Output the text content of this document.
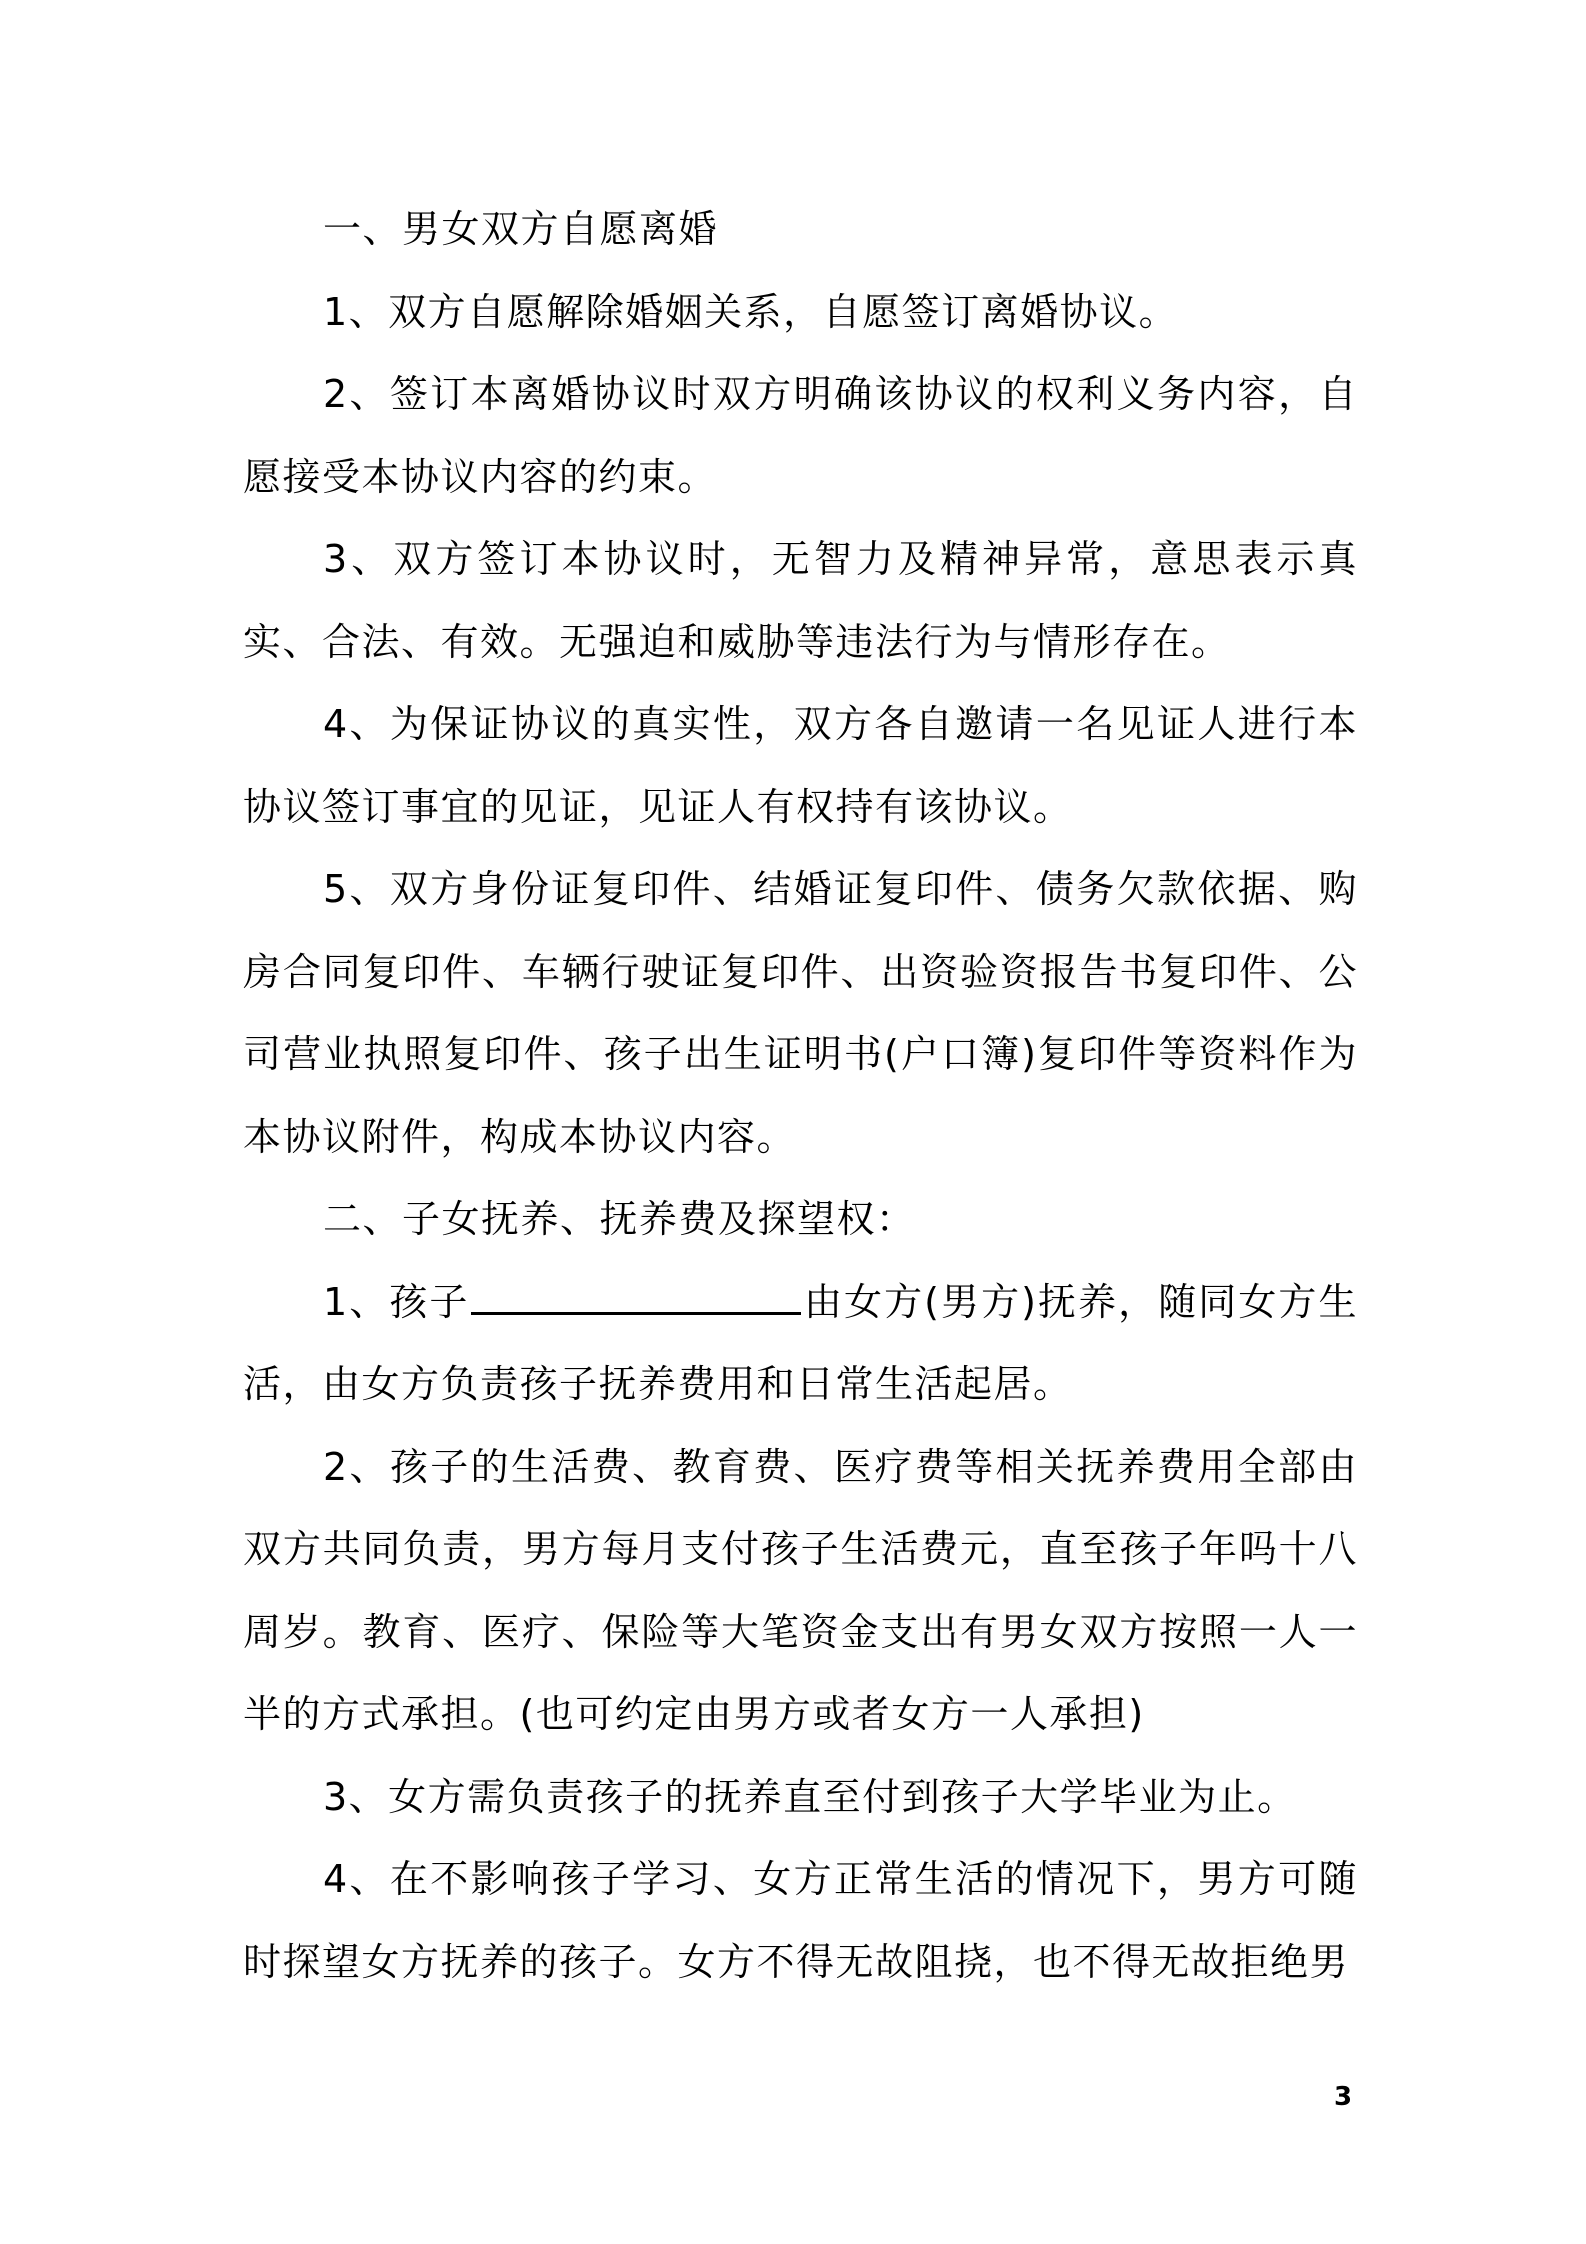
一、男女双方自愿离婚

1、双方自愿解除婚姻关系，自愿签订离婚协议。

2、签订本离婚协议时双方明确该协议的权利义务内容，自愿接受本协议内容的约束。

3、双方签订本协议时，无智力及精神异常，意思表示真实、合法、有效。无强迫和威胁等违法行为与情形存在。

4、为保证协议的真实性，双方各自邀请一名见证人进行本协议签订事宜的见证，见证人有权持有该协议。

5、双方身份证复印件、结婚证复印件、债务欠款依据、购房合同复印件、车辆行驶证复印件、出资验资报告书复印件、公司营业执照复印件、孩子出生证明书(户口簿)复印件等资料作为本协议附件，构成本协议内容。

二、子女抚养、抚养费及探望权：

1、孩子	由女方(男方)抚养，随同女方生活，由女方负责孩子抚养费用和日常生活起居。

2、孩子的生活费、教育费、医疗费等相关抚养费用全部由双方共同负责，男方每月支付孩子生活费元，直至孩子年吗十八周岁。教育、医疗、保险等大笔资金支出有男女双方按照一人一半的方式承担。(也可约定由男方或者女方一人承担)

3、女方需负责孩子的抚养直至付到孩子大学毕业为止。

4、在不影响孩子学习、女方正常生活的情况下，男方可随时探望女方抚养的孩子。女方不得无故阻挠，也不得无故拒绝男

3
